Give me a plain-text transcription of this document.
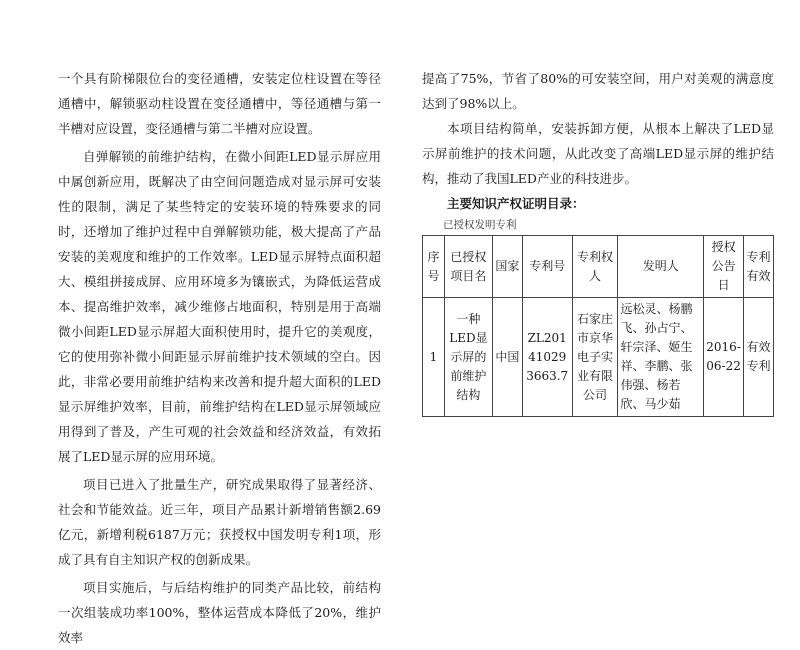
一个具有阶梯限位台的变径通槽，安装定位柱设置在等径通槽中，解锁驱动柱设置在变径通槽中，等径通槽与第一半槽对应设置，变径通槽与第二半槽对应设置。

自弹解锁的前维护结构，在微小间距LED显示屏应用中属创新应用，既解决了由空间问题造成对显示屏可安装性的限制，满足了某些特定的安装环境的特殊要求的同时，还增加了维护过程中自弹解锁功能，极大提高了产品安装的美观度和维护的工作效率。LED显示屏特点面积超大、模组拼接成屏、应用环境多为镶嵌式，为降低运营成本、提高维护效率，减少维修占地面积，特别是用于高端微小间距LED显示屏超大面积使用时，提升它的美观度，它的使用弥补微小间距显示屏前维护技术领域的空白。因此，非常必要用前维护结构来改善和提升超大面积的LED显示屏维护效率，目前，前维护结构在LED显示屏领域应用得到了普及，产生可观的社会效益和经济效益，有效拓展了LED显示屏的应用环境。

项目已进入了批量生产，研究成果取得了显著经济、社会和节能效益。近三年，项目产品累计新增销售额2.69亿元，新增利税6187万元；获授权中国发明专利1项，形成了具有自主知识产权的创新成果。

项目实施后，与后结构维护的同类产品比较，前结构一次组装成功率100%，整体运营成本降低了20%，维护效率

提高了75%，节省了80%的可安装空间，用户对美观的满意度达到了98%以上。

本项目结构简单，安装拆卸方便，从根本上解决了LED显示屏前维护的技术问题，从此改变了高端LED显示屏的维护结构，推动了我国LED产业的科技进步。

主要知识产权证明目录：

已授权发明专利

序号	已授权项目名	国家	专利号	专利权人	发明人	授权公告日	专利有效
1	一种LED显示屏的前维护结构	中国	ZL201410293663.7	石家庄市京华电子实业有限公司	远松灵、杨鹏飞、孙占宁、轩宗泽、姬生祥、李鹏、张伟强、杨若欣、马少茹	2016-06-22	有效专利
